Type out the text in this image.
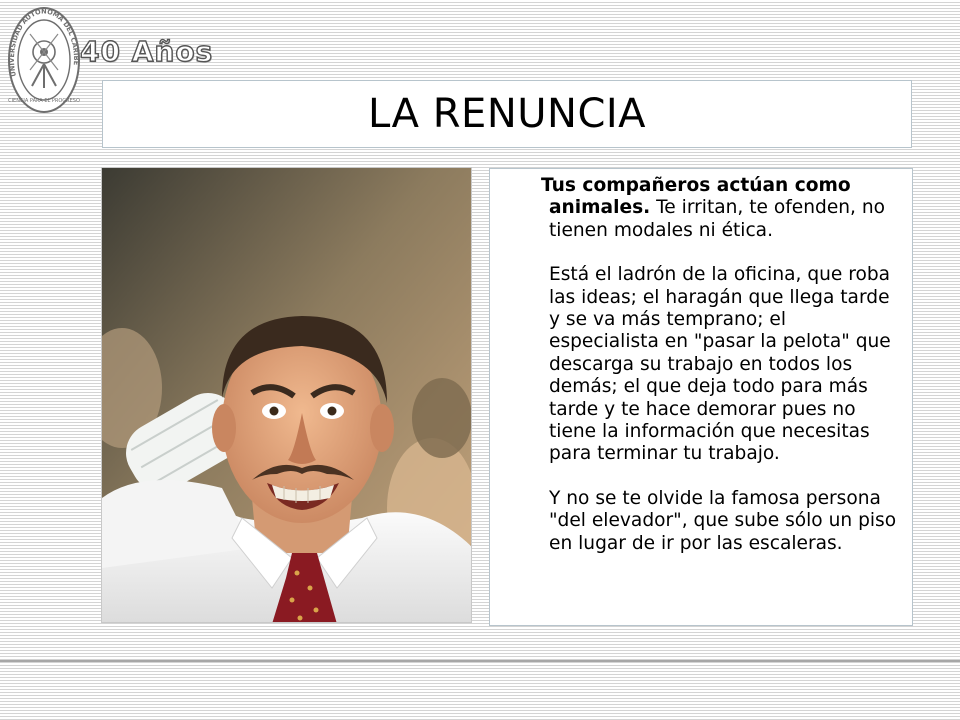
UNIVERSIDAD AUTONOMA DEL CARIBE
CIENCIA PARA EL PROGRESO
40 Años
LA RENUNCIA

Tus compañeros actúan como animales. Te irritan, te ofenden, no tienen modales ni ética.

Está el ladrón de la oficina, que roba las ideas; el haragán que llega tarde y se va más temprano; el especialista en "pasar la pelota" que descarga su trabajo en todos los demás; el que deja todo para más tarde y te hace demorar pues no tiene la información que necesitas para terminar tu trabajo.

Y no se te olvide la famosa persona "del elevador", que sube sólo un piso en lugar de ir por las escaleras.
